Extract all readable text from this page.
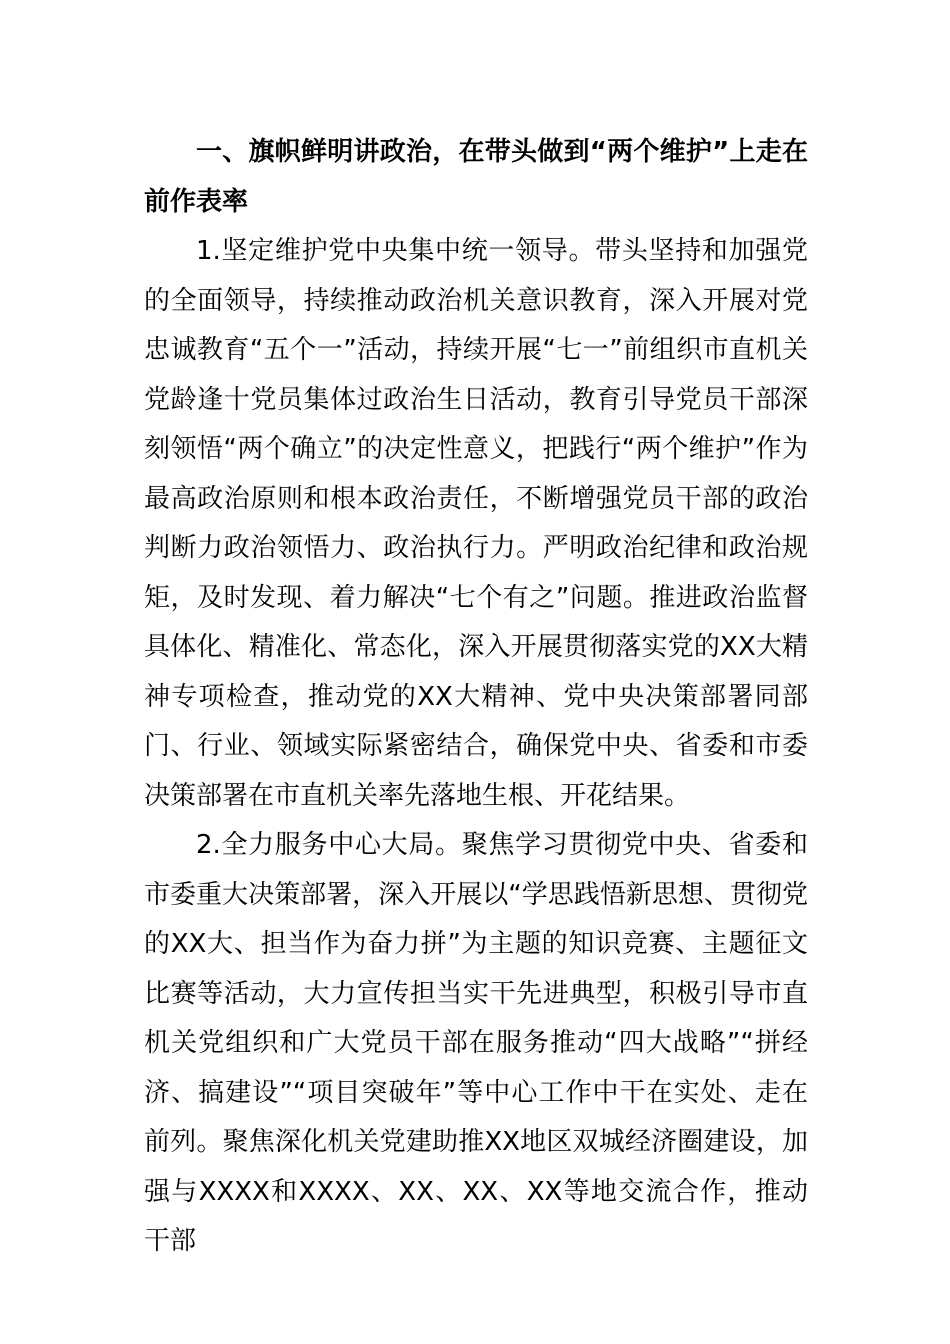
一、旗帜鲜明讲政治，在带头做到“两个维护”上走在前作表率

1.坚定维护党中央集中统一领导。带头坚持和加强党的全面领导，持续推动政治机关意识教育，深入开展对党忠诚教育“五个一”活动，持续开展“七一”前组织市直机关党龄逢十党员集体过政治生日活动，教育引导党员干部深刻领悟“两个确立”的决定性意义，把践行“两个维护”作为最高政治原则和根本政治责任，不断增强党员干部的政治判断力政治领悟力、政治执行力。严明政治纪律和政治规矩，及时发现、着力解决“七个有之”问题。推进政治监督具体化、精准化、常态化，深入开展贯彻落实党的XX大精神专项检查，推动党的XX大精神、党中央决策部署同部门、行业、领域实际紧密结合，确保党中央、省委和市委决策部署在市直机关率先落地生根、开花结果。

2.全力服务中心大局。聚焦学习贯彻党中央、省委和市委重大决策部署，深入开展以“学思践悟新思想、贯彻党的XX大、担当作为奋力拼”为主题的知识竞赛、主题征文比赛等活动，大力宣传担当实干先进典型，积极引导市直机关党组织和广大党员干部在服务推动“四大战略”“拼经济、搞建设”“项目突破年”等中心工作中干在实处、走在前列。聚焦深化机关党建助推XX地区双城经济圈建设，加强与XXXX和XXXX、XX、XX、XX等地交流合作，推动干部
